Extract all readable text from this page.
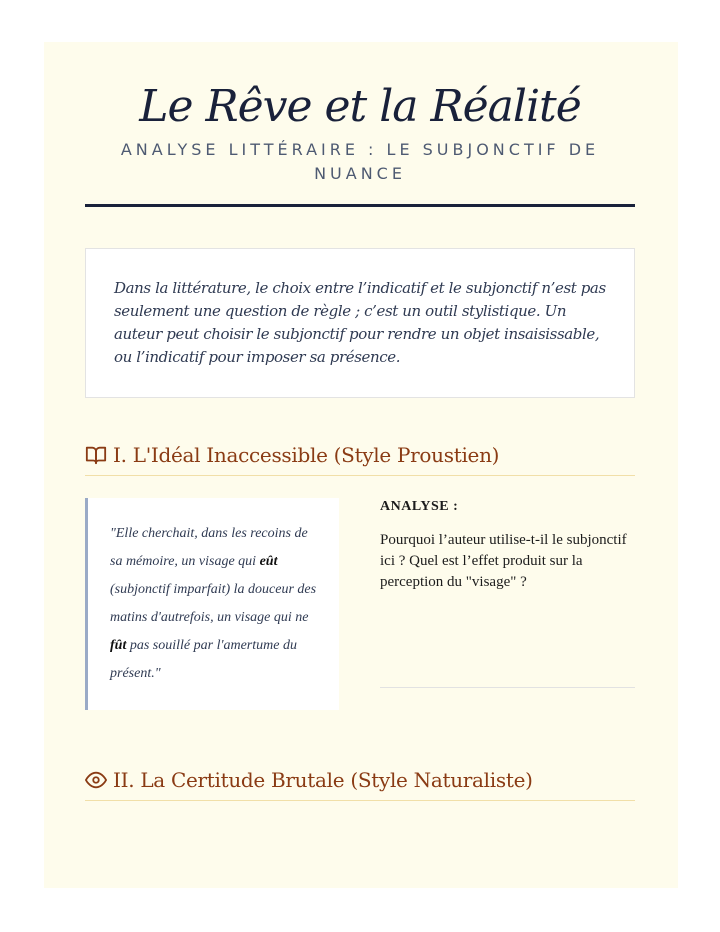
Le Rêve et la Réalité
ANALYSE LITTÉRAIRE : LE SUBJONCTIF DE NUANCE

Dans la littérature, le choix entre l’indicatif et le subjonctif n’est pas seulement une question de règle ; c’est un outil stylistique. Un auteur peut choisir le subjonctif pour rendre un objet insaisissable, ou l’indicatif pour imposer sa présence.

I. L'Idéal Inaccessible (Style Proustien)

"Elle cherchait, dans les recoins de sa mémoire, un visage qui eût (subjonctif imparfait) la douceur des matins d'autrefois, un visage qui ne fût pas souillé par l'amertume du présent."

ANALYSE :

Pourquoi l’auteur utilise-t-il le subjonctif ici ? Quel est l’effet produit sur la perception du "visage" ?

II. La Certitude Brutale (Style Naturaliste)
